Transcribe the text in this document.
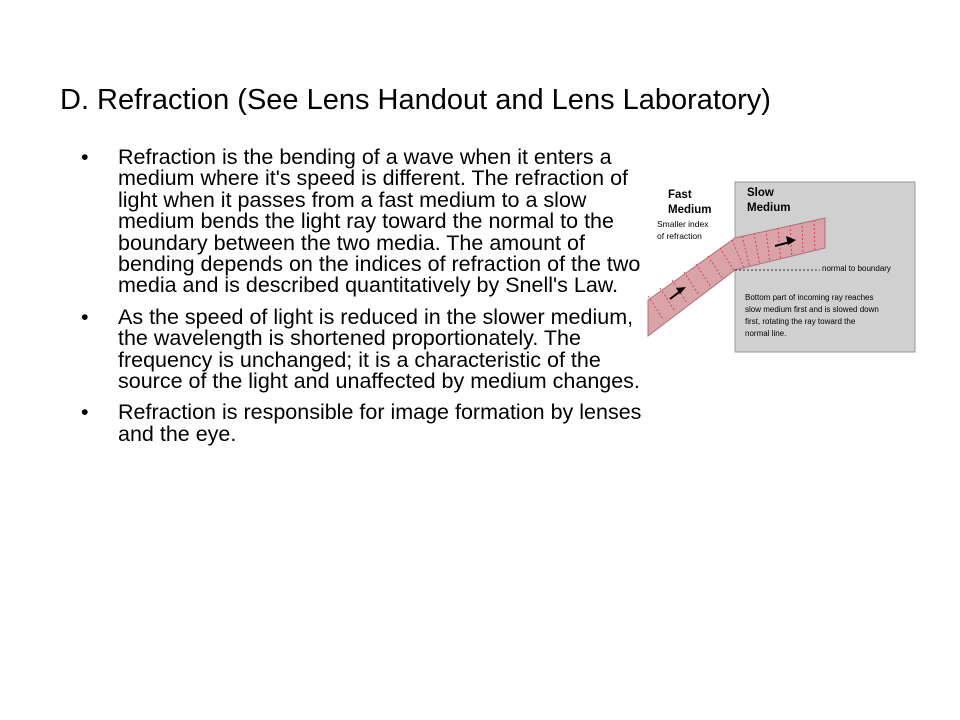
D. Refraction (See Lens Handout and Lens Laboratory)
• Refraction is the bending of a wave when it enters a medium where it's speed is different. The refraction of light when it passes from a fast medium to a slow medium bends the light ray toward the normal to the boundary between the two media. The amount of bending depends on the indices of refraction of the two media and is described quantitatively by Snell's Law.
• As the speed of light is reduced in the slower medium, the wavelength is shortened proportionately. The frequency is unchanged; it is a characteristic of the source of the light and unaffected by medium changes.
• Refraction is responsible for image formation by lenses and the eye.
Fast
Medium
Smaller index
of refraction
Slow
Medium
normal to boundary
Bottom part of incoming ray reaches
slow medium first and is slowed down
first, rotating the ray toward the
normal line.
